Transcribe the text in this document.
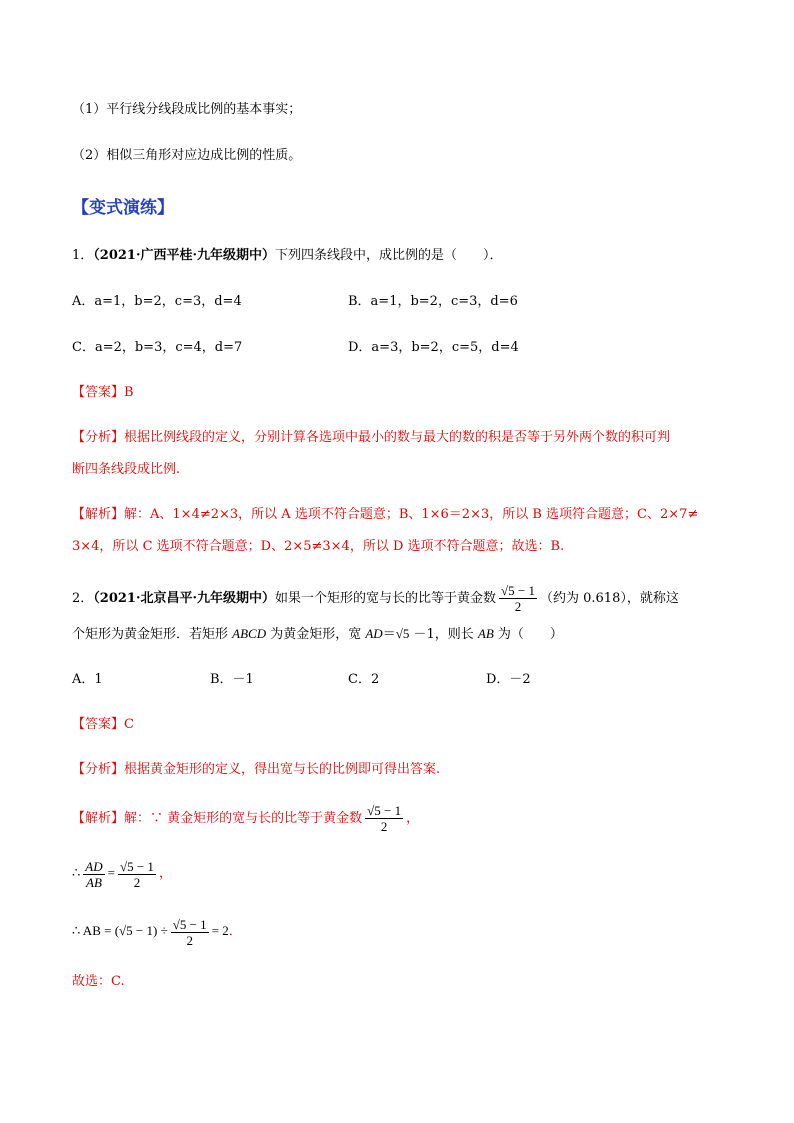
（1）平行线分线段成比例的基本事实；
（2）相似三角形对应边成比例的性质。
【变式演练】
1．（2021·广西平桂·九年级期中）下列四条线段中，成比例的是（　　）．
A．a=1，b=2，c=3，d=4	B．a=1，b=2，c=3，d=6
C．a=2，b=3，c=4，d=7	D．a=3，b=2，c=5，d=4
【答案】B
【分析】根据比例线段的定义，分别计算各选项中最小的数与最大的数的积是否等于另外两个数的积可判
断四条线段成比例.
【解析】解：A、1×4≠2×3，所以 A 选项不符合题意；B、1×6＝2×3，所以 B 选项符合题意；C、2×7≠
3×4，所以 C 选项不符合题意；D、2×5≠3×4，所以 D 选项不符合题意；故选：B.
2．（2021·北京昌平·九年级期中）如果一个矩形的宽与长的比等于黄金数 $\frac{√5 - 1}{2}$ （约为 0.618），就称这
个矩形为黄金矩形．若矩形 ABCD 为黄金矩形，宽 AD＝√5 －1，则长 AB 为（　　）
A．1	B．－1	C．2	D．－2
【答案】C
【分析】根据黄金矩形的定义，得出宽与长的比例即可得出答案.
【解析】解：∵ 黄金矩形的宽与长的比等于黄金数 $\frac{√5 - 1}{2}$ ，
∴ $\frac{AD}{AB} = \frac{√5 - 1}{2}$ ，
∴ AB = $(√5 - 1) \div \frac{√5 - 1}{2} = 2$．
故选：C.
